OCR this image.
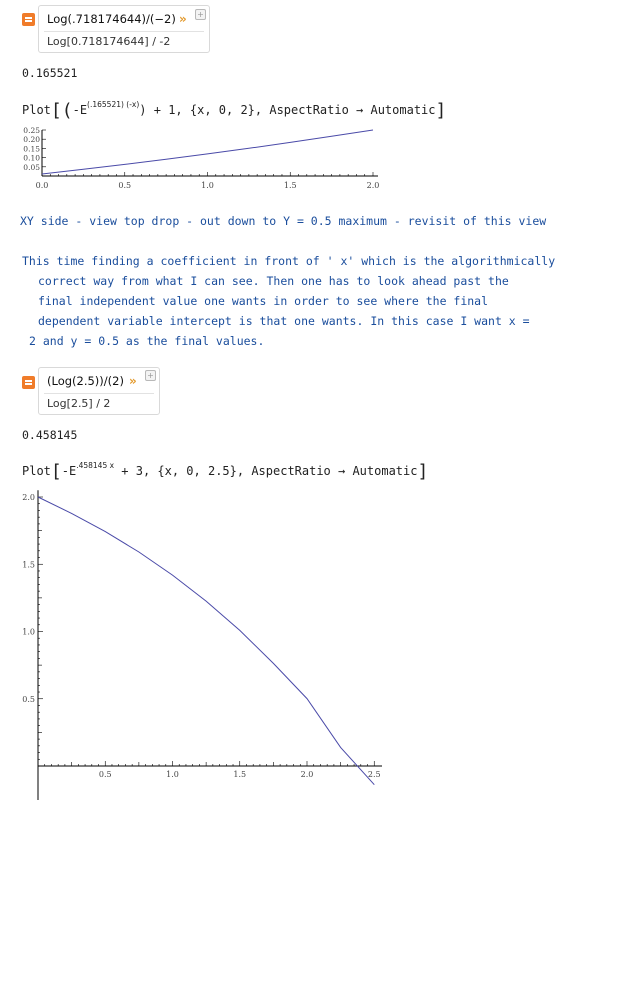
Log(.718174644)/(−2) »
Log[0.718174644] / -2
+
0.165521
$Plot[(-E^{(.165521) (-x)}) + 1$, {x, 0, 2}, AspectRatio → Automatic]
0.0	0.5	1.0	1.5	2.0
0.05
0.10
0.15
0.20
0.25
XY side - view top drop - out down to Y = 0.5 maximum - revisit of this view
This time finding a coefficient in front of ' x' which is the algorithmically
correct way from what I can see. Then one has to look ahead past the
final independent value one wants in order to see where the final
dependent variable intercept is that one wants. In this case I want x =
2 and y = 0.5 as the final values.
(Log(2.5))/(2) »
Log[2.5] / 2
+
0.458145
$Plot[-E^{.458145 x} + 3$, {x, 0, 2.5}, AspectRatio → Automatic]
0.5	1.0	1.5	2.0	2.5
0.5
1.0
1.5
2.0
